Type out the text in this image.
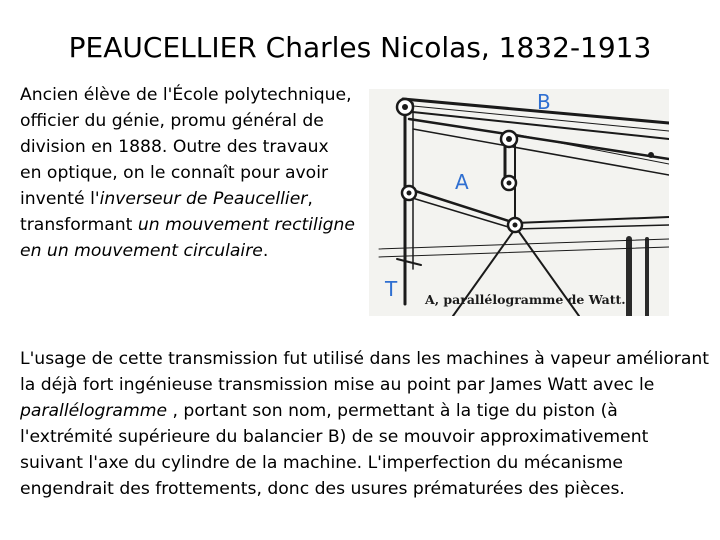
PEAUCELLIER Charles Nicolas, 1832-1913
Ancien élève de l'École polytechnique, officier du génie, promu général de division en 1888. Outre des travaux en optique, on le connaît pour avoir inventé l'inverseur de Peaucellier, transformant un mouvement rectiligne en un mouvement circulaire.
B
A
T A, parallélogramme de Watt.
L'usage de cette transmission fut utilisé dans les machines à vapeur améliorant la déjà fort ingénieuse transmission mise au point par James Watt avec le parallélogramme , portant son nom, permettant à la tige du piston (à l'extrémité supérieure du balancier B) de se mouvoir approximativement suivant l'axe du cylindre de la machine. L'imperfection du mécanisme engendrait des frottements, donc des usures prématurées des pièces.
